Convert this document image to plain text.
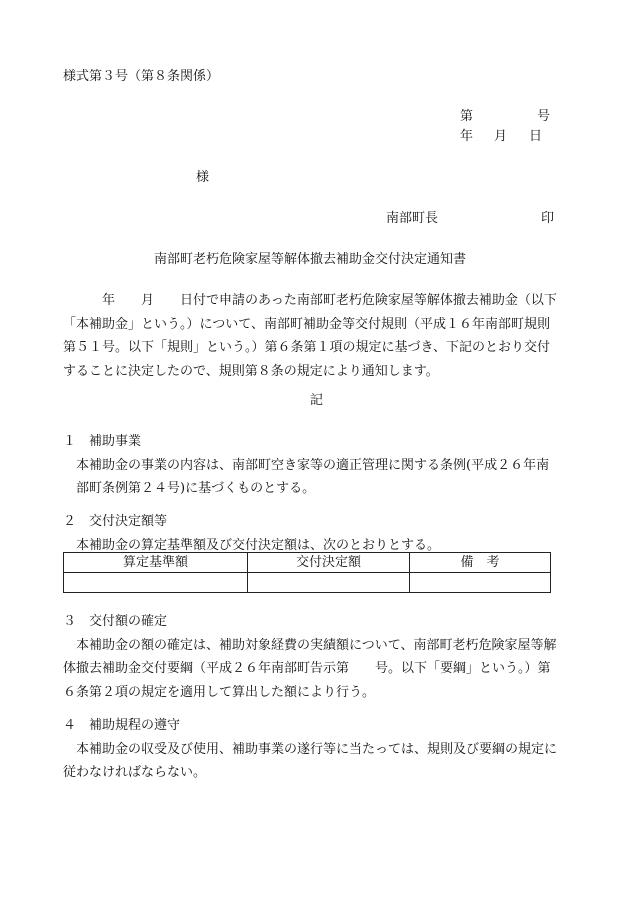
様式第３号（第８条関係）
第	号
年 月 日
様
南部町長	印
南部町老朽危険家屋等解体撤去補助金交付決定通知書
　　　年　　月　　日付で申請のあった南部町老朽危険家屋等解体撤去補助金（以下
「本補助金」という。）について、南部町補助金等交付規則（平成１６年南部町規則
第５１号。以下「規則」という。）第６条第１項の規定に基づき、下記のとおり交付
することに決定したので、規則第８条の規定により通知します。
記
１　補助事業
　本補助金の事業の内容は、南部町空き家等の適正管理に関する条例(平成２６年南
　部町条例第２４号)に基づくものとする。
２　交付決定額等
　本補助金の算定基準額及び交付決定額は、次のとおりとする。
算定基準額	交付決定額	備　考

３　交付額の確定
　本補助金の額の確定は、補助対象経費の実績額について、南部町老朽危険家屋等解
体撤去補助金交付要綱（平成２６年南部町告示第　　号。以下「要綱」という。）第
６条第２項の規定を適用して算出した額により行う。
４　補助規程の遵守
　本補助金の収受及び使用、補助事業の遂行等に当たっては、規則及び要綱の規定に
従わなければならない。
